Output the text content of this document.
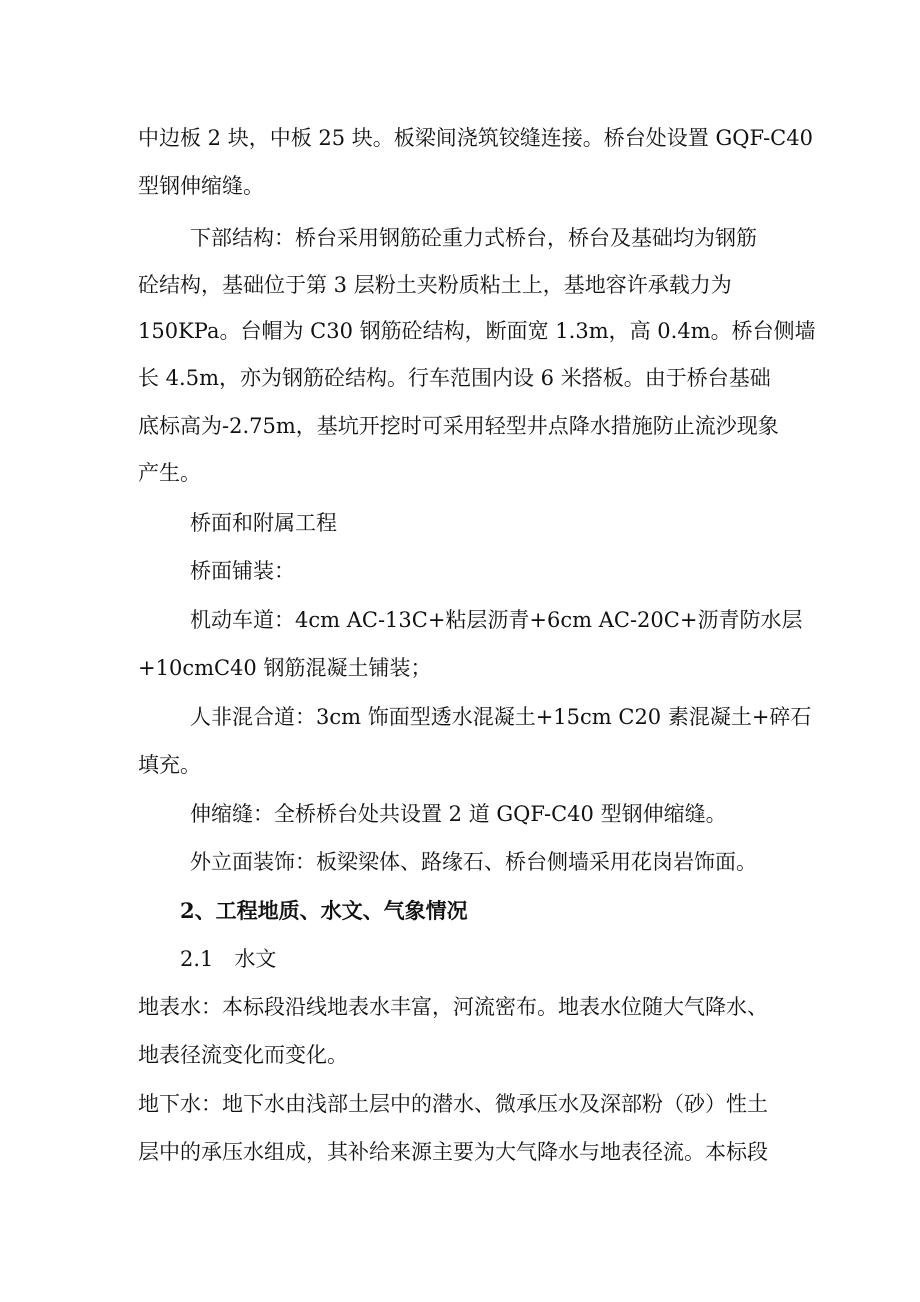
中边板 2 块，中板 25 块。板梁间浇筑铰缝连接。桥台处设置 GQF-C40
型钢伸缩缝。
下部结构：桥台采用钢筋砼重力式桥台，桥台及基础均为钢筋
砼结构，基础位于第 3 层粉土夹粉质粘土上，基地容许承载力为
150KPa。台帽为 C30 钢筋砼结构，断面宽 1.3m，高 0.4m。桥台侧墙
长 4.5m，亦为钢筋砼结构。行车范围内设 6 米搭板。由于桥台基础
底标高为-2.75m，基坑开挖时可采用轻型井点降水措施防止流沙现象
产生。
桥面和附属工程
桥面铺装：
机动车道：4cm AC-13C+粘层沥青+6cm AC-20C+沥青防水层
+10cmC40 钢筋混凝土铺装；
人非混合道：3cm 饰面型透水混凝土+15cm C20 素混凝土+碎石
填充。
伸缩缝：全桥桥台处共设置 2 道 GQF-C40 型钢伸缩缝。
外立面装饰：板梁梁体、路缘石、桥台侧墙采用花岗岩饰面。
2、工程地质、水文、气象情况
2.1　水文
地表水：本标段沿线地表水丰富，河流密布。地表水位随大气降水、
地表径流变化而变化。
地下水：地下水由浅部土层中的潜水、微承压水及深部粉（砂）性土
层中的承压水组成，其补给来源主要为大气降水与地表径流。本标段
